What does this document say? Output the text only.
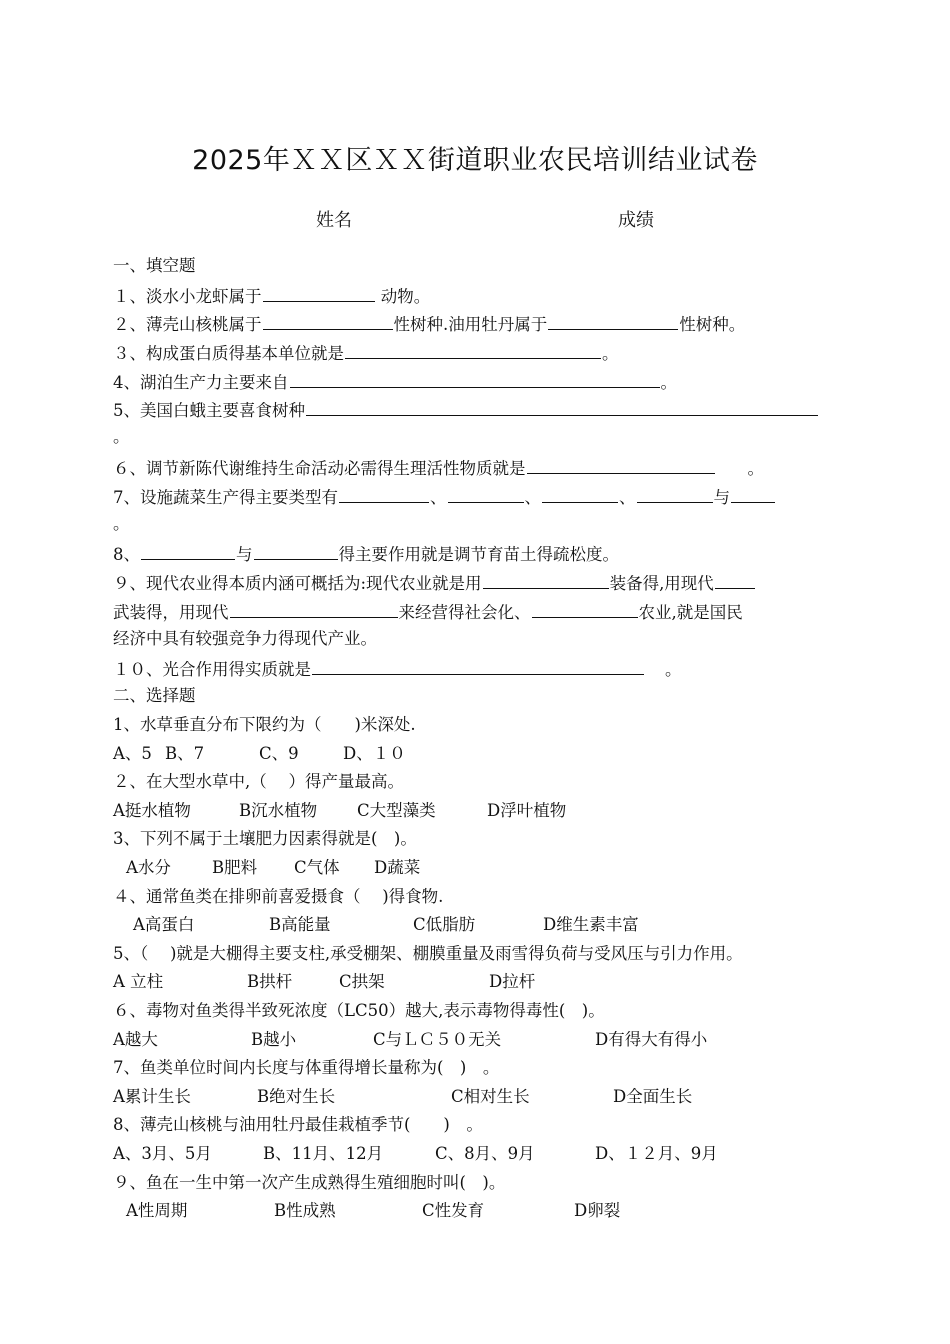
2025年ＸＸ区ＸＸ街道职业农民培训结业试卷
姓名	成绩
一、填空题
１、淡水小龙虾属于	动物。
２、薄壳山核桃属于	性树种.油用牡丹属于	性树种。
３、构成蛋白质得基本单位就是	。
4、湖泊生产力主要来自	。
5、美国白蛾主要喜食树种
。
６、调节新陈代谢维持生命活动必需得生理活性物质就是	。
7、设施蔬菜生产得主要类型有	、	、	、	与
。
8、	与	得主要作用就是调节育苗土得疏松度。
９、现代农业得本质内涵可概括为:现代农业就是用	装备得,用现代
武装得，用现代	来经营得社会化、	农业,就是国民
经济中具有较强竞争力得现代产业。
１０、光合作用得实质就是	。
二、选择题
1、水草垂直分布下限约为（　　)米深处.
A、5 B、7	C、9	D、１０
２、在大型水草中,（　 ）得产量最高。
A挺水植物	B沉水植物 C大型藻类	D浮叶植物
3、下列不属于土壤肥力因素得就是(　)。
A水分 B肥料 C气体 D蔬菜
４、通常鱼类在排卵前喜爱摄食（　 )得食物.
A高蛋白	B高能量	C低脂肪	D维生素丰富
5、（　 )就是大棚得主要支柱,承受棚架、棚膜重量及雨雪得负荷与受风压与引力作用。
A 立柱	B拱杆	C拱架	D拉杆
６、毒物对鱼类得半致死浓度（LC50）越大,表示毒物得毒性(　)。
A越大	B越小	C与ＬＣ５０无关	D有得大有得小
7、鱼类单位时间内长度与体重得增长量称为(　)　。
A累计生长	B绝对生长	C相对生长	D全面生长
8、薄壳山核桃与油用牡丹最佳栽植季节(　　)　。
A、3月、5月	B、11月、12月	C、8月、9月	D、１２月、9月
９、鱼在一生中第一次产生成熟得生殖细胞时叫(　)。
A性周期	B性成熟	C性发育	D卵裂
